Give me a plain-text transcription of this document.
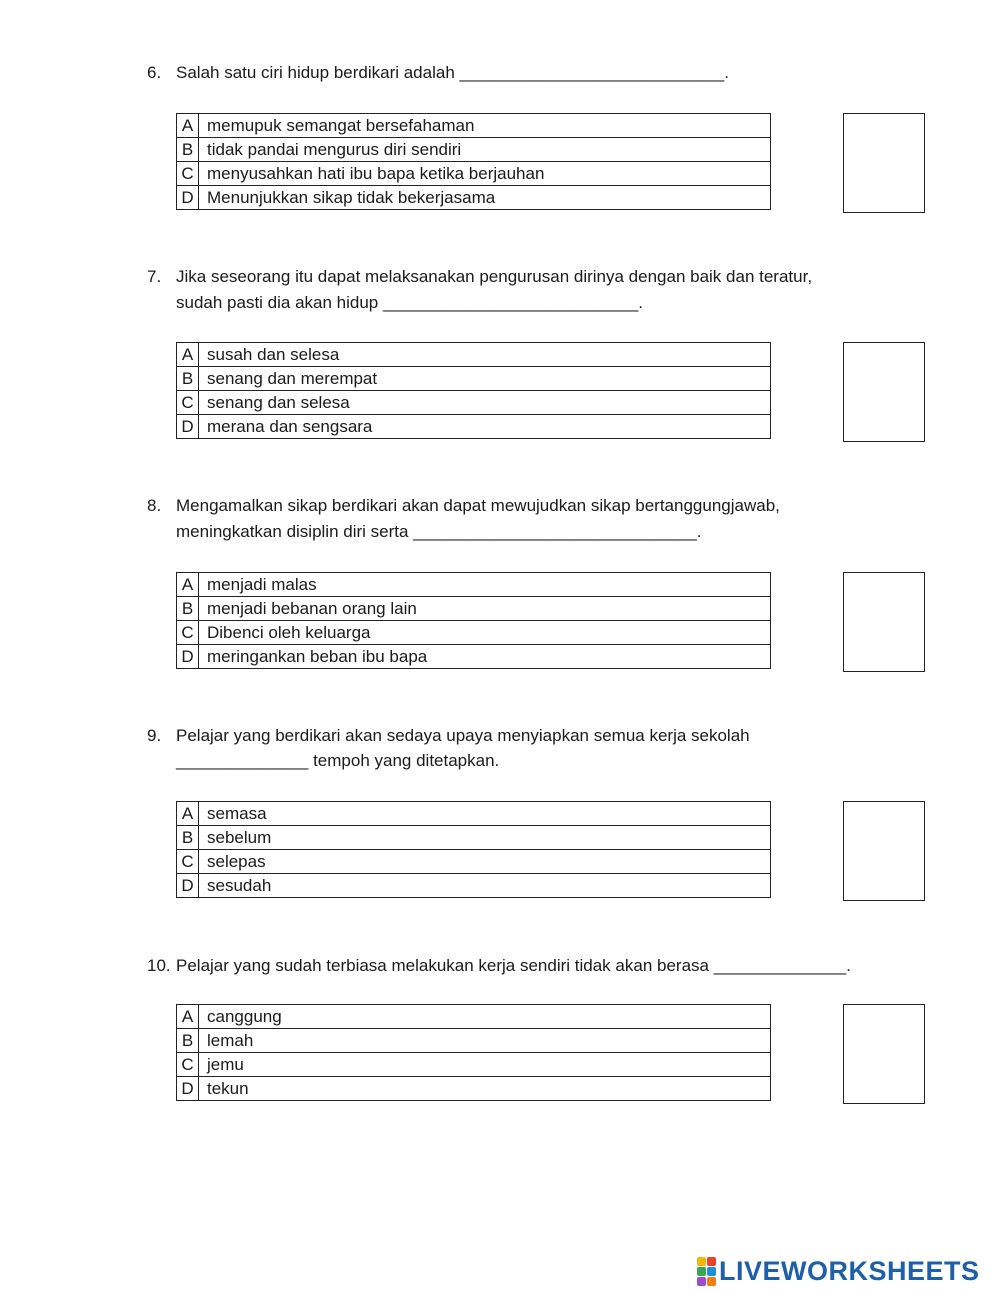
6. Salah satu ciri hidup berdikari adalah ____________________________.
A	memupuk semangat bersefahaman
B	tidak pandai mengurus diri sendiri
C	menyusahkan hati ibu bapa ketika berjauhan
D	Menunjukkan sikap tidak bekerjasama
7. Jika seseorang itu dapat melaksanakan pengurusan dirinya dengan baik dan teratur,
sudah pasti dia akan hidup ___________________________.
A	susah dan selesa
B	senang dan merempat
C	senang dan selesa
D	merana dan sengsara
8. Mengamalkan sikap berdikari akan dapat mewujudkan sikap bertanggungjawab,
meningkatkan disiplin diri serta ______________________________.
A	menjadi malas
B	menjadi bebanan orang lain
C	Dibenci oleh keluarga
D	meringankan beban ibu bapa
9. Pelajar yang berdikari akan sedaya upaya menyiapkan semua kerja sekolah
______________ tempoh yang ditetapkan.
A	semasa
B	sebelum
C	selepas
D	sesudah
10. Pelajar yang sudah terbiasa melakukan kerja sendiri tidak akan berasa ______________.
A	canggung
B	lemah
C	jemu
D	tekun
LIVEWORKSHEETS
